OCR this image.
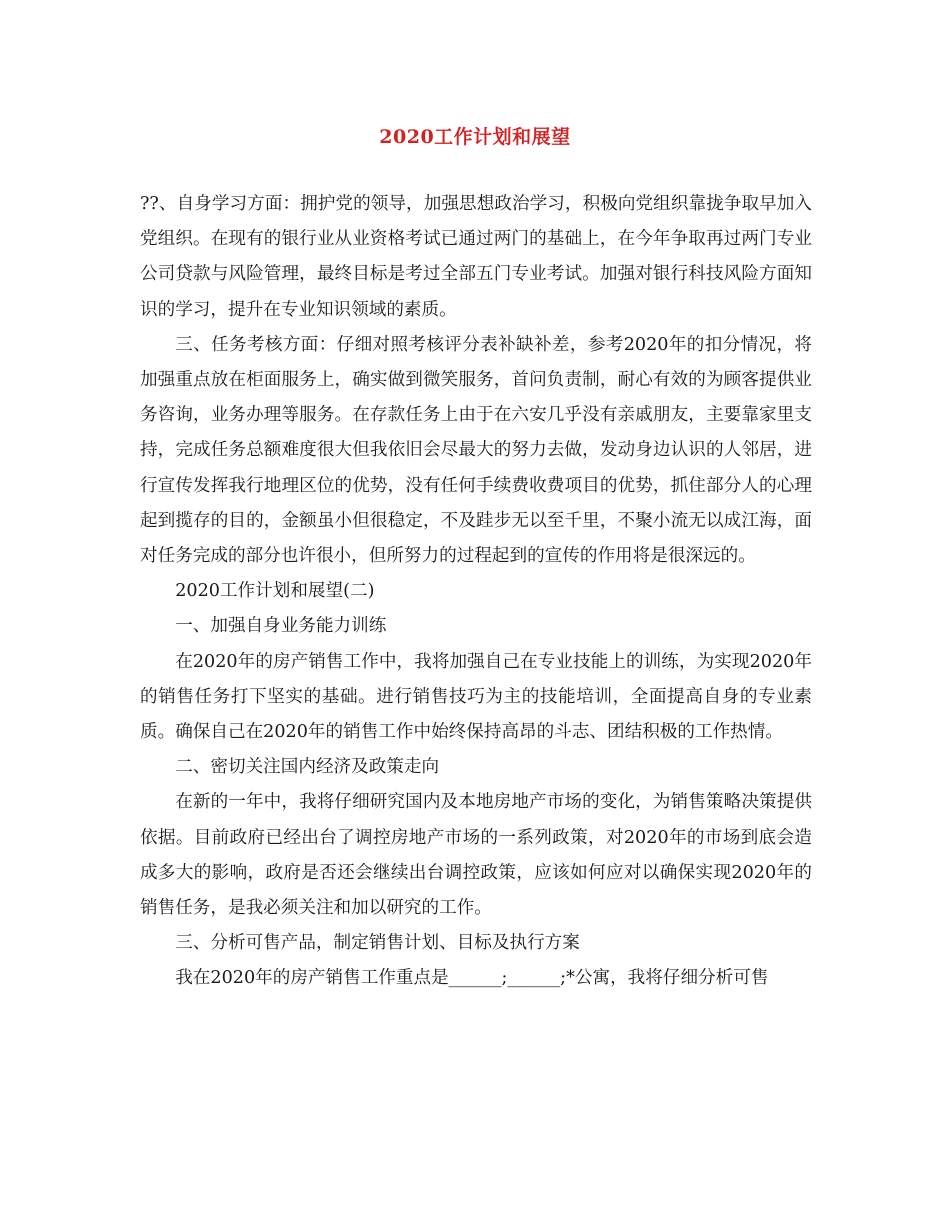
2020工作计划和展望

??、自身学习方面：拥护党的领导，加强思想政治学习，积极向党组织靠拢争取早加入党组织。在现有的银行业从业资格考试已通过两门的基础上，在今年争取再过两门专业公司贷款与风险管理，最终目标是考过全部五门专业考试。加强对银行科技风险方面知识的学习，提升在专业知识领域的素质。

三、任务考核方面：仔细对照考核评分表补缺补差，参考2020年的扣分情况，将加强重点放在柜面服务上，确实做到微笑服务，首问负责制，耐心有效的为顾客提供业务咨询，业务办理等服务。在存款任务上由于在六安几乎没有亲戚朋友，主要靠家里支持，完成任务总额难度很大但我依旧会尽最大的努力去做，发动身边认识的人邻居，进行宣传发挥我行地理区位的优势，没有任何手续费收费项目的优势，抓住部分人的心理起到揽存的目的，金额虽小但很稳定，不及跬步无以至千里，不聚小流无以成江海，面对任务完成的部分也许很小，但所努力的过程起到的宣传的作用将是很深远的。

2020工作计划和展望(二)

一、加强自身业务能力训练

在2020年的房产销售工作中，我将加强自己在专业技能上的训练，为实现2020年的销售任务打下坚实的基础。进行销售技巧为主的技能培训，全面提高自身的专业素质。确保自己在2020年的销售工作中始终保持高昂的斗志、团结积极的工作热情。

二、密切关注国内经济及政策走向

在新的一年中，我将仔细研究国内及本地房地产市场的变化，为销售策略决策提供依据。目前政府已经出台了调控房地产市场的一系列政策，对2020年的市场到底会造成多大的影响，政府是否还会继续出台调控政策，应该如何应对以确保实现2020年的销售任务，是我必须关注和加以研究的工作。

三、分析可售产品，制定销售计划、目标及执行方案

我在2020年的房产销售工作重点是______;______;*公寓，我将仔细分析可售
